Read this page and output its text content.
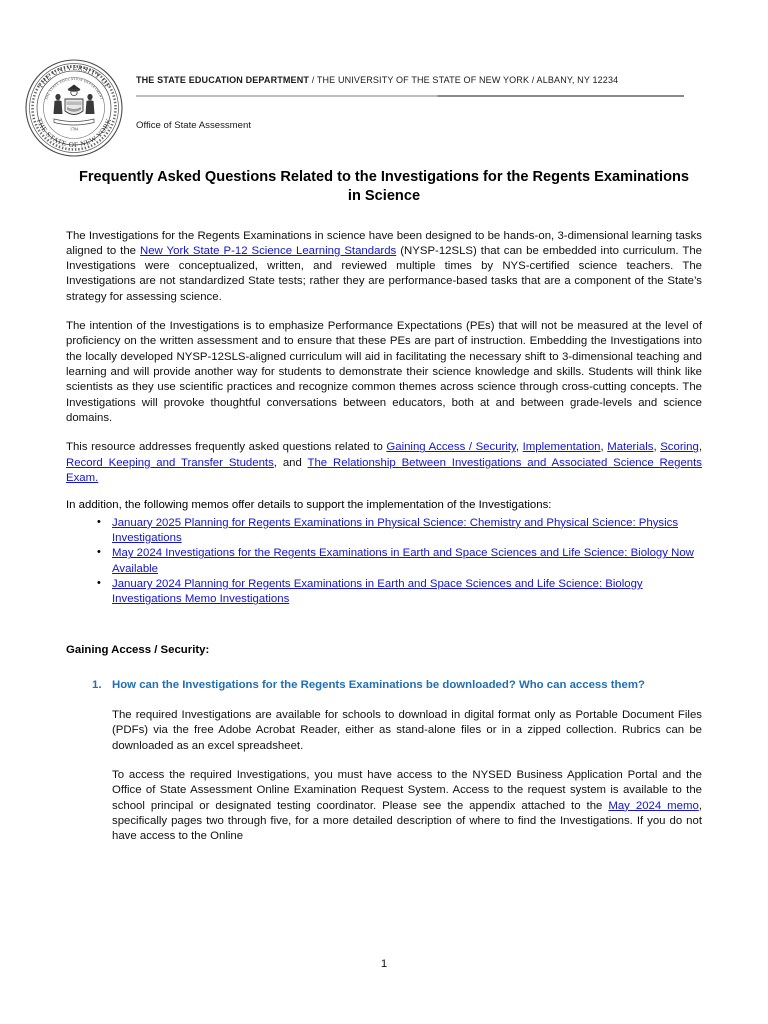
THE UNIVERSITY OF
THE STATE OF NEW YORK
THE STATE EDUCATION DEPARTMENT
1784
THE STATE EDUCATION DEPARTMENT / THE UNIVERSITY OF THE STATE OF NEW YORK / ALBANY, NY 12234
Office of State Assessment
Frequently Asked Questions Related to the Investigations for the Regents Examinations in Science

The Investigations for the Regents Examinations in science have been designed to be hands-on, 3-dimensional learning tasks aligned to the New York State P-12 Science Learning Standards (NYSP-12SLS) that can be embedded into curriculum. The Investigations were conceptualized, written, and reviewed multiple times by NYS-certified science teachers. The Investigations are not standardized State tests; rather they are performance-based tasks that are a component of the State’s strategy for assessing science.

The intention of the Investigations is to emphasize Performance Expectations (PEs) that will not be measured at the level of proficiency on the written assessment and to ensure that these PEs are part of instruction. Embedding the Investigations into the locally developed NYSP-12SLS-aligned curriculum will aid in facilitating the necessary shift to 3-dimensional teaching and learning and will provide another way for students to demonstrate their science knowledge and skills. Students will think like scientists as they use scientific practices and recognize common themes across science through cross-cutting concepts. The Investigations will provoke thoughtful conversations between educators, both at and between grade-levels and science domains.

This resource addresses frequently asked questions related to Gaining Access / Security, Implementation, Materials, Scoring, Record Keeping and Transfer Students, and The Relationship Between Investigations and Associated Science Regents Exam.

In addition, the following memos offer details to support the implementation of the Investigations:

• January 2025 Planning for Regents Examinations in Physical Science: Chemistry and Physical Science: Physics Investigations
• May 2024 Investigations for the Regents Examinations in Earth and Space Sciences and Life Science: Biology Now Available
• January 2024 Planning for Regents Examinations in Earth and Space Sciences and Life Science: Biology Investigations Memo Investigations
Gaining Access / Security:
1. How can the Investigations for the Regents Examinations be downloaded? Who can access them?

The required Investigations are available for schools to download in digital format only as Portable Document Files (PDFs) via the free Adobe Acrobat Reader, either as stand-alone files or in a zipped collection. Rubrics can be downloaded as an excel spreadsheet.

To access the required Investigations, you must have access to the NYSED Business Application Portal and the Office of State Assessment Online Examination Request System. Access to the request system is available to the school principal or designated testing coordinator. Please see the appendix attached to the May 2024 memo, specifically pages two through five, for a more detailed description of where to find the Investigations. If you do not have access to the Online

1
